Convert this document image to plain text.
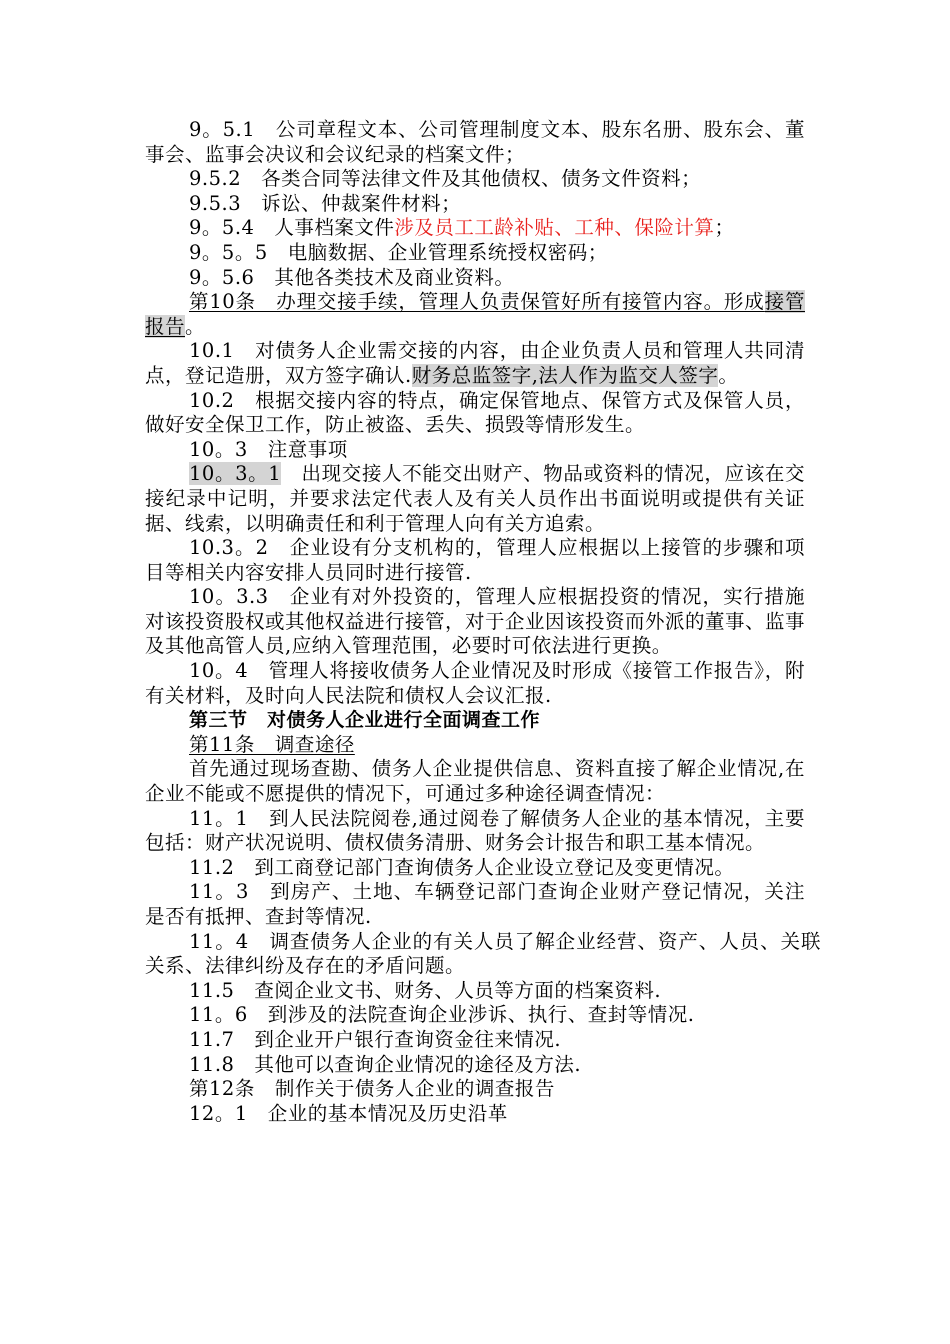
9。5.1　公司章程文本、公司管理制度文本、股东名册、股东会、董事会、监事会决议和会议纪录的档案文件；
9.5.2　各类合同等法律文件及其他债权、债务文件资料；
9.5.3　诉讼、仲裁案件材料；
9。5.4　人事档案文件涉及员工工龄补贴、工种、保险计算；
9。5。5　电脑数据、企业管理系统授权密码；
9。5.6　其他各类技术及商业资料。
第10条　办理交接手续，管理人负责保管好所有接管内容。形成接管报告。
10.1　对债务人企业需交接的内容，由企业负责人员和管理人共同清点，登记造册，双方签字确认.财务总监签字,法人作为监交人签字。
10.2　根据交接内容的特点，确定保管地点、保管方式及保管人员，做好安全保卫工作，防止被盗、丢失、损毁等情形发生。
10。3　注意事项
10。3。1　出现交接人不能交出财产、物品或资料的情况，应该在交接纪录中记明，并要求法定代表人及有关人员作出书面说明或提供有关证据、线索，以明确责任和利于管理人向有关方追索。
10.3。2　企业设有分支机构的，管理人应根据以上接管的步骤和项目等相关内容安排人员同时进行接管.
10。3.3　企业有对外投资的，管理人应根据投资的情况，实行措施对该投资股权或其他权益进行接管，对于企业因该投资而外派的董事、监事及其他高管人员,应纳入管理范围，必要时可依法进行更换。
10。4　管理人将接收债务人企业情况及时形成《接管工作报告》，附有关材料，及时向人民法院和债权人会议汇报.
第三节　对债务人企业进行全面调查工作
第11条　调查途径
首先通过现场查勘、债务人企业提供信息、资料直接了解企业情况,在企业不能或不愿提供的情况下，可通过多种途径调查情况：
11。1　到人民法院阅卷,通过阅卷了解债务人企业的基本情况，主要包括：财产状况说明、债权债务清册、财务会计报告和职工基本情况。
11.2　到工商登记部门查询债务人企业设立登记及变更情况。
11。3　到房产、土地、车辆登记部门查询企业财产登记情况，关注是否有抵押、查封等情况.
11。4　调查债务人企业的有关人员了解企业经营、资产、人员、关联关系、法律纠纷及存在的矛盾问题。
11.5　查阅企业文书、财务、人员等方面的档案资料.
11。6　到涉及的法院查询企业涉诉、执行、查封等情况.
11.7　到企业开户银行查询资金往来情况.
11.8　其他可以查询企业情况的途径及方法.
第12条　制作关于债务人企业的调查报告
12。1　企业的基本情况及历史沿革
